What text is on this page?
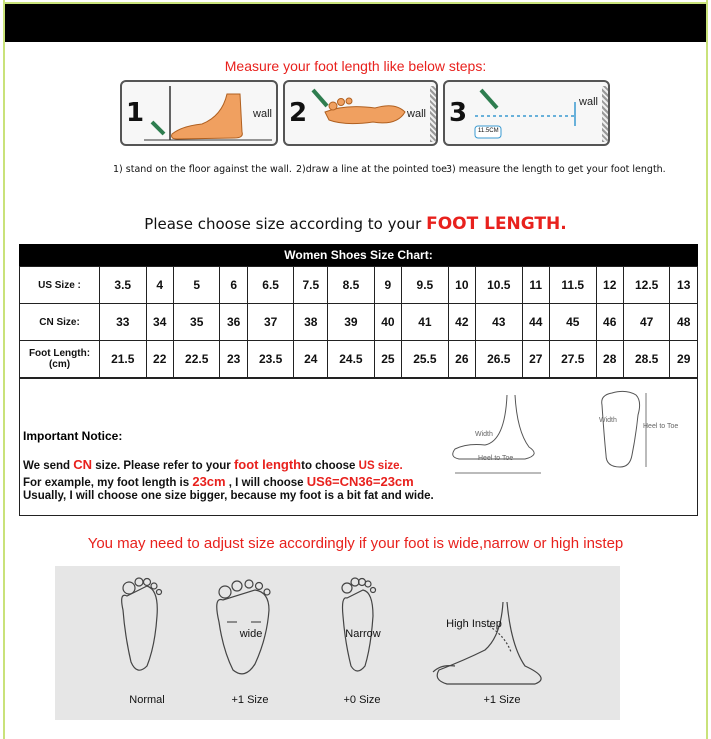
Measure your foot length like below steps:
1	wall 2	wall 3
11.5CM
wall
1) stand on the floor against the wall. 2)draw a line at the pointed toe 3) measure the length to get your foot length.
Please choose size according to your FOOT LENGTH.
Women Shoes Size Chart:
US Size :	3.5	4	5	6	6.5	7.5	8.5	9	9.5	10	10.5	11	11.5	12	12.5	13
CN Size:	33	34	35	36	37	38	39	40	41	42	43	44	45	46	47	48

Foot Length:
(cm)	21.5	22	22.5	23	23.5	24	24.5	25	25.5	26	26.5	27	27.5	28	28.5	29
Important Notice:	Width
Heel to Toe
Width
Heel to Toe
We send CN size. Please refer to your foot lengthto choose US size.
For example, my foot length is 23cm , I will choose US6=CN36=23cm
Usually, I will choose one size bigger, because my foot is a bit fat and wide.
You may need to adjust size accordingly if your foot is wide,narrow or high instep
Normal	+1 Size	+0 Size	+1 Size
wide	Narrow
High Instep
